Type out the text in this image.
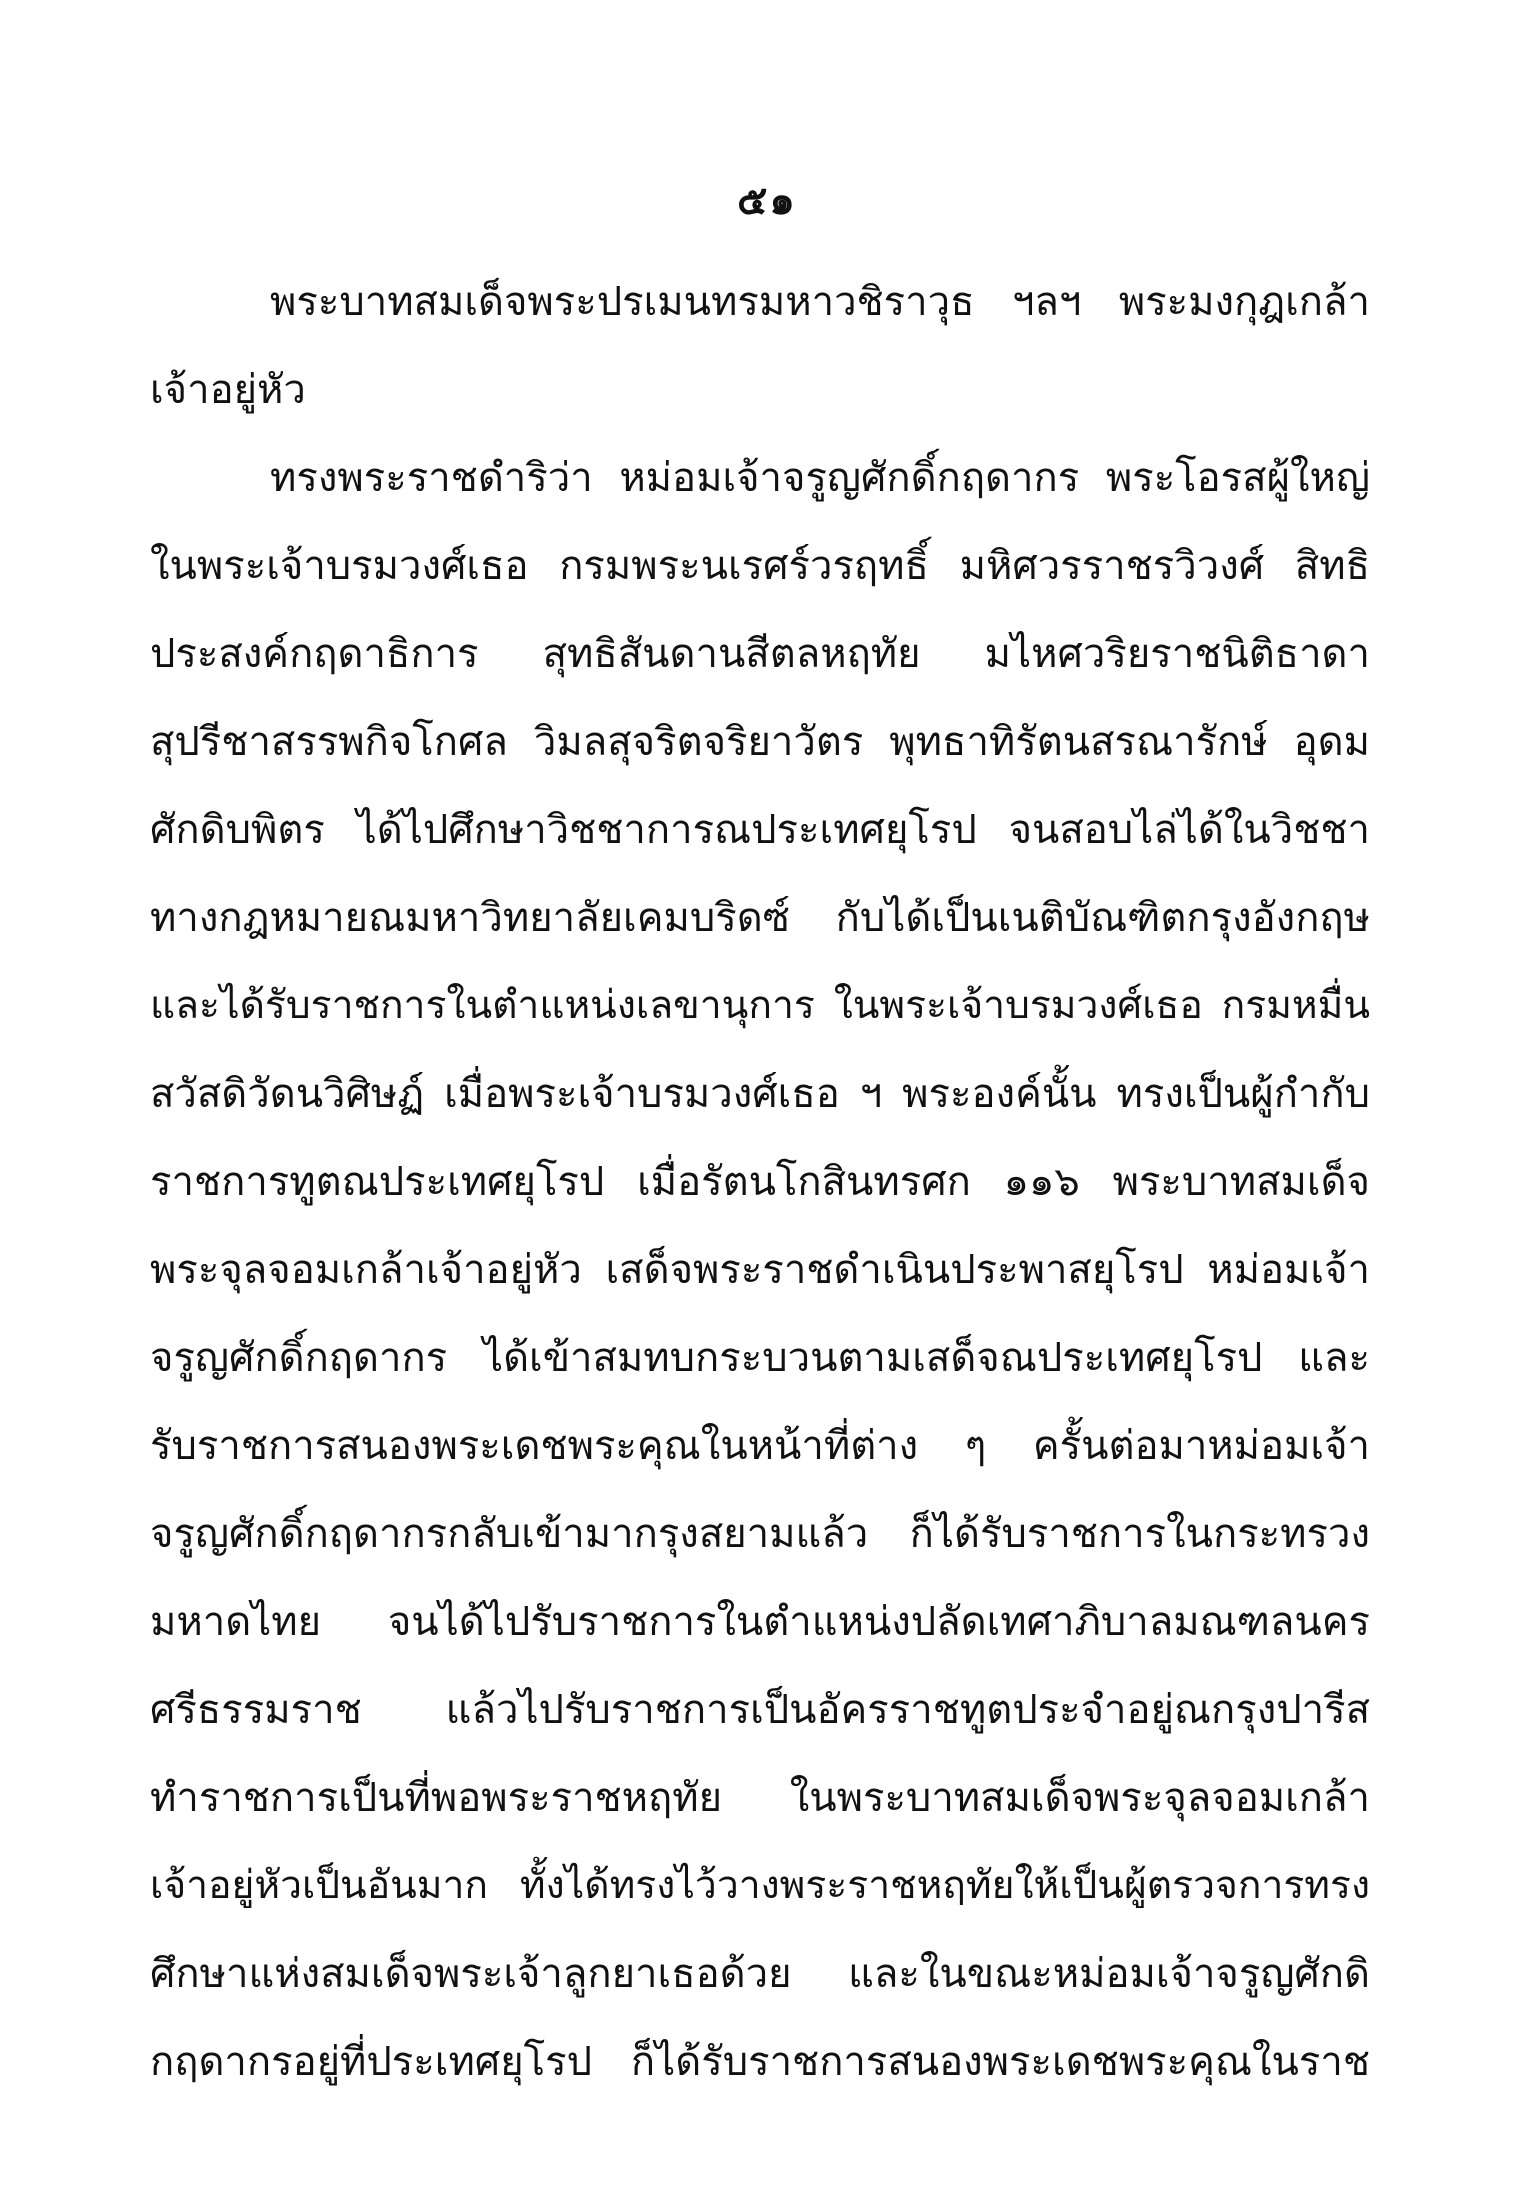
๕๑
พระบาทสมเด็จพระปรเมนทรมหาวชิราวุธ ฯลฯ พระมงกุฎเกล้า
เจ้าอยู่หัว
ทรงพระราชดำริว่า หม่อมเจ้าจรูญศักดิ์กฤดากร พระโอรสผู้ใหญ่
ในพระเจ้าบรมวงศ์เธอ กรมพระนเรศร์วรฤทธิ์ มหิศวรราชรวิวงศ์ สิทธิ
ประสงค์กฤดาธิการ สุทธิสันดานสีตลหฤทัย มไหศวริยราชนิติธาดา
สุปรีชาสรรพกิจโกศล วิมลสุจริตจริยาวัตร พุทธาทิรัตนสรณารักษ์ อุดม
ศักดิบพิตร ได้ไปศึกษาวิชชาการณประเทศยุโรป จนสอบไล่ได้ในวิชชา
ทางกฎหมายณมหาวิทยาลัยเคมบริดซ์ กับได้เป็นเนติบัณฑิตกรุงอังกฤษ
และได้รับราชการในตำแหน่งเลขานุการ ในพระเจ้าบรมวงศ์เธอ กรมหมื่น
สวัสดิวัดนวิศิษฏ์ เมื่อพระเจ้าบรมวงศ์เธอ ฯ พระองค์นั้น ทรงเป็นผู้กำกับ
ราชการทูตณประเทศยุโรป เมื่อรัตนโกสินทรศก ๑๑๖ พระบาทสมเด็จ
พระจุลจอมเกล้าเจ้าอยู่หัว เสด็จพระราชดำเนินประพาสยุโรป หม่อมเจ้า
จรูญศักดิ์กฤดากร ได้เข้าสมทบกระบวนตามเสด็จณประเทศยุโรป และ
รับราชการสนองพระเดชพระคุณในหน้าที่ต่าง ๆ ครั้นต่อมาหม่อมเจ้า
จรูญศักดิ์กฤดากรกลับเข้ามากรุงสยามแล้ว ก็ได้รับราชการในกระทรวง
มหาดไทย จนได้ไปรับราชการในตำแหน่งปลัดเทศาภิบาลมณฑลนคร
ศรีธรรมราช แล้วไปรับราชการเป็นอัครราชทูตประจำอยู่ณกรุงปารีส
ทำราชการเป็นที่พอพระราชหฤทัย ในพระบาทสมเด็จพระจุลจอมเกล้า
เจ้าอยู่หัวเป็นอันมาก ทั้งได้ทรงไว้วางพระราชหฤทัยให้เป็นผู้ตรวจการทรง
ศึกษาแห่งสมเด็จพระเจ้าลูกยาเธอด้วย และในขณะหม่อมเจ้าจรูญศักดิ
กฤดากรอยู่ที่ประเทศยุโรป ก็ได้รับราชการสนองพระเดชพระคุณในราช
